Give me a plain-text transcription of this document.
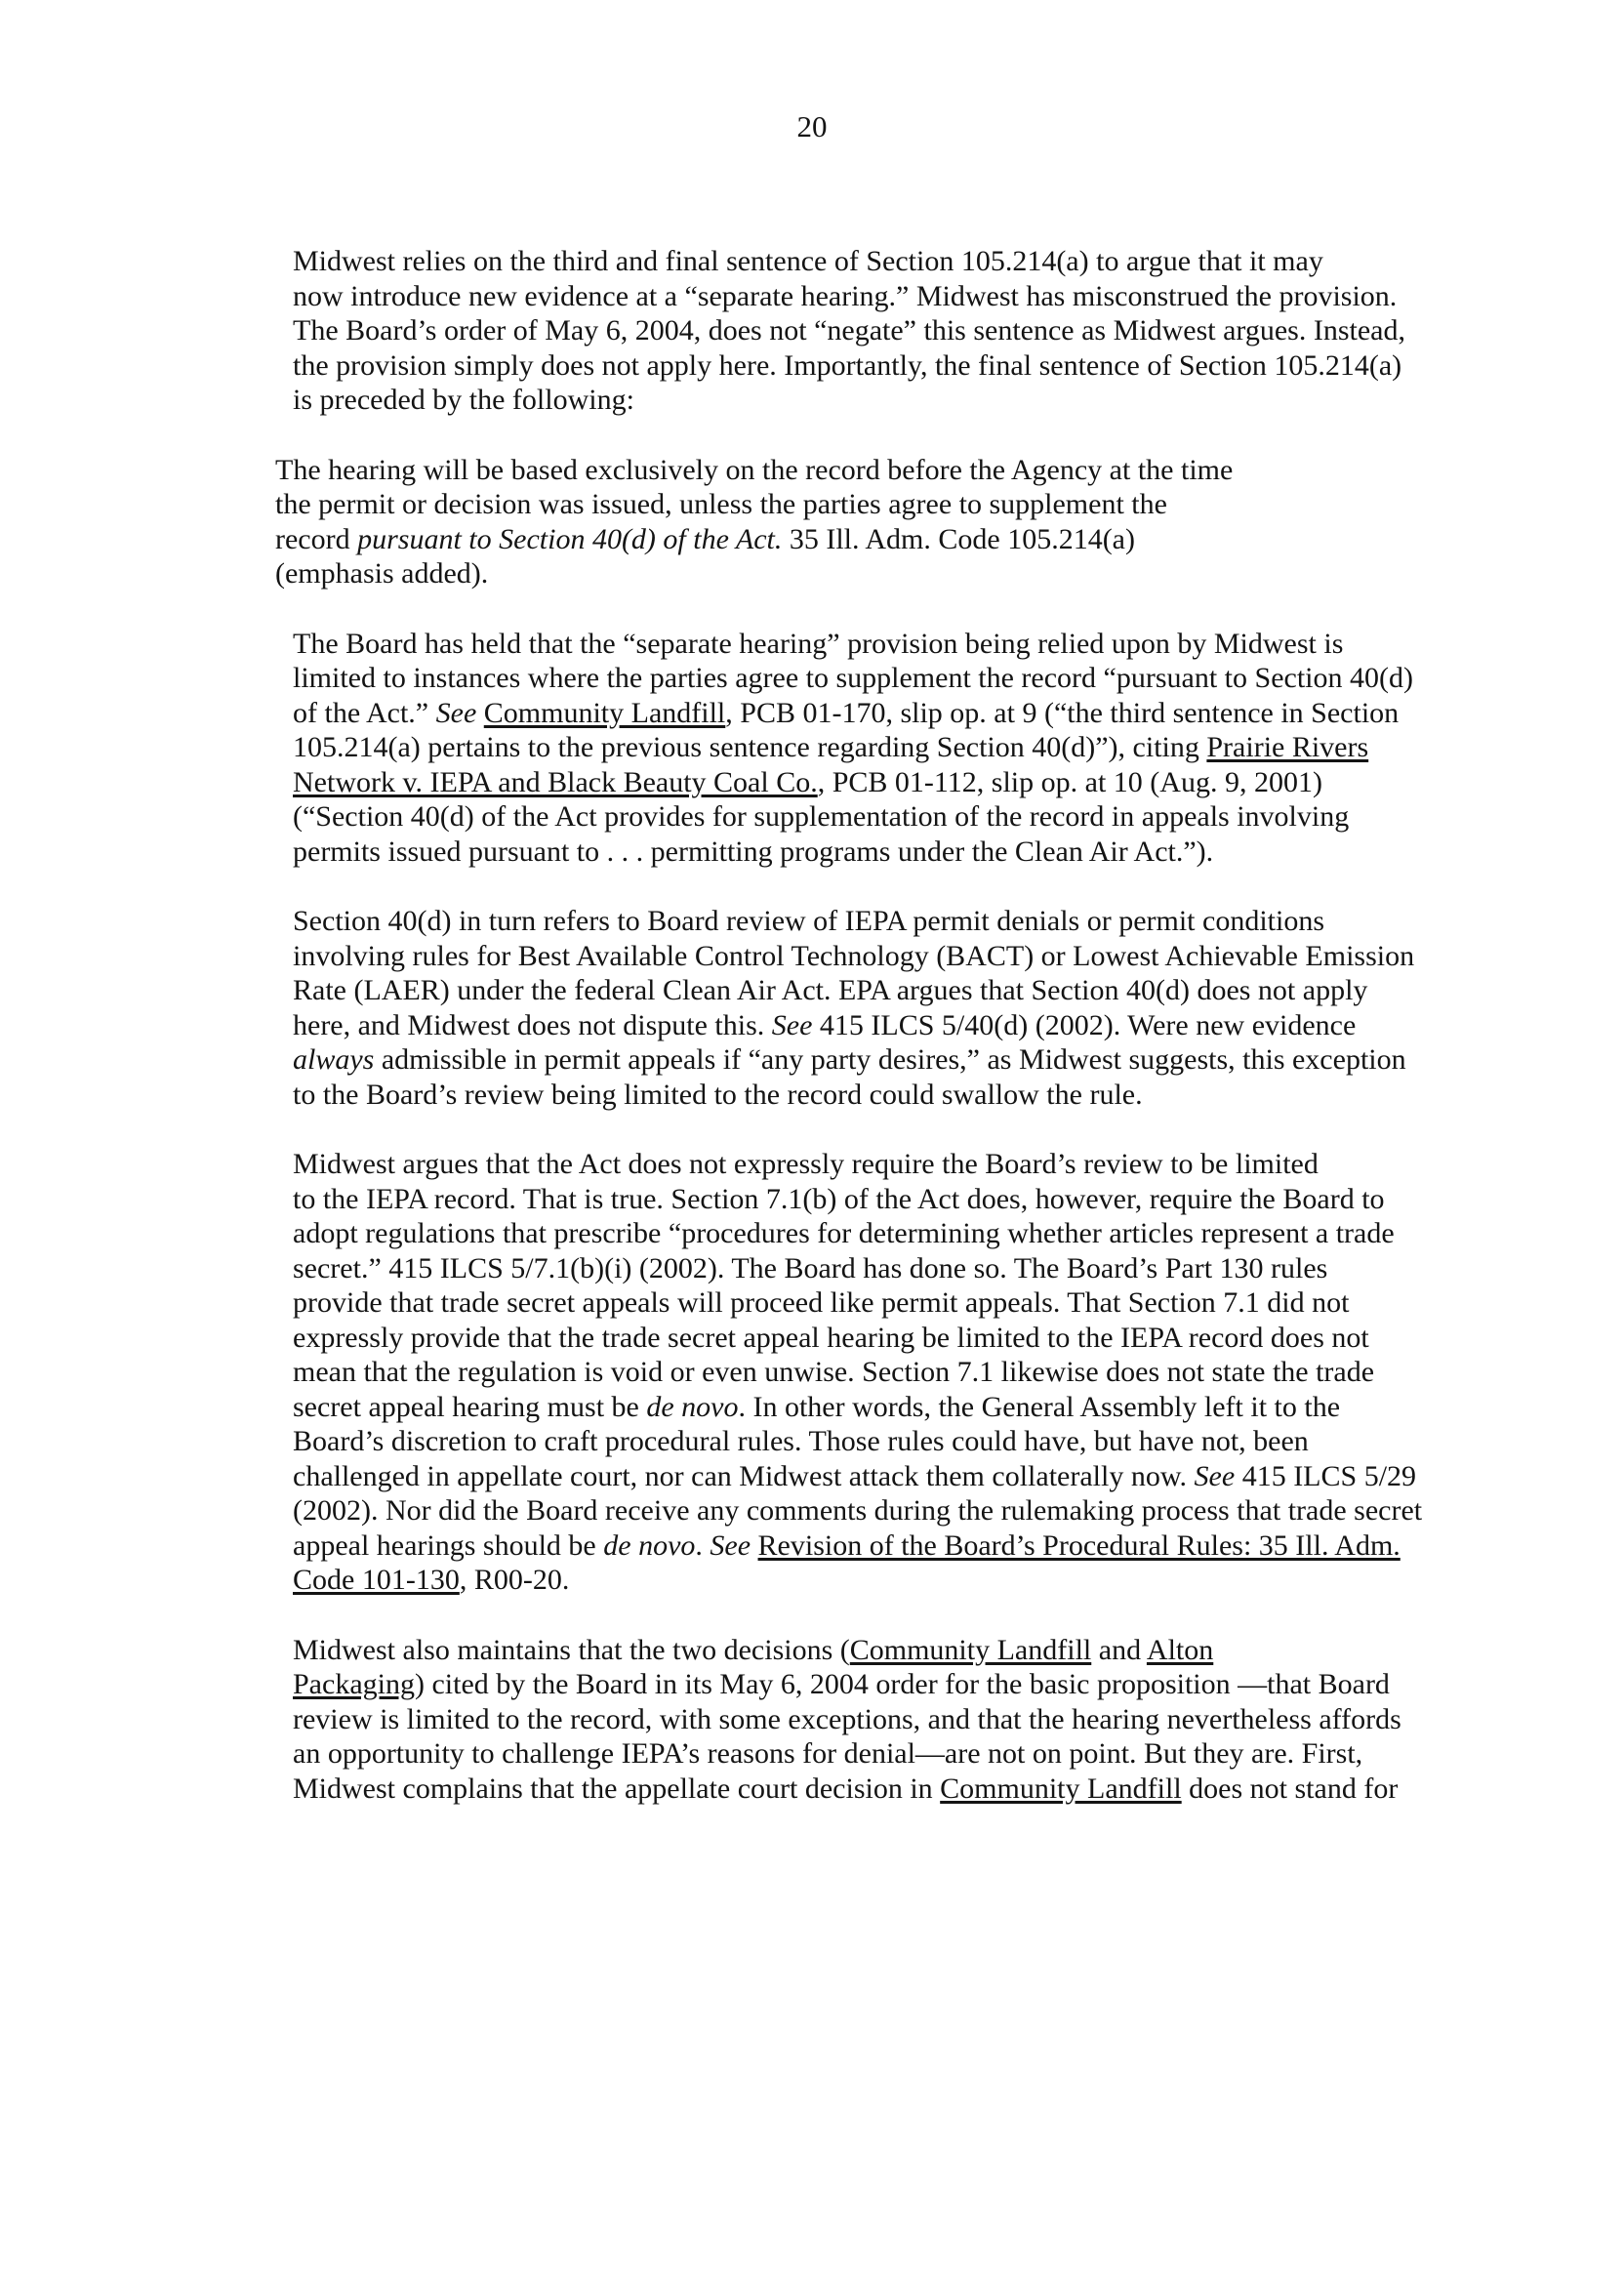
20

Midwest relies on the third and final sentence of Section 105.214(a) to argue that it may
now introduce new evidence at a “separate hearing.” Midwest has misconstrued the provision.
The Board’s order of May 6, 2004, does not “negate” this sentence as Midwest argues. Instead,
the provision simply does not apply here. Importantly, the final sentence of Section 105.214(a)
is preceded by the following:

The hearing will be based exclusively on the record before the Agency at the time
the permit or decision was issued, unless the parties agree to supplement the
record pursuant to Section 40(d) of the Act. 35 Ill. Adm. Code 105.214(a)
(emphasis added).

The Board has held that the “separate hearing” provision being relied upon by Midwest is
limited to instances where the parties agree to supplement the record “pursuant to Section 40(d)
of the Act.” See Community Landfill, PCB 01-170, slip op. at 9 (“the third sentence in Section
105.214(a) pertains to the previous sentence regarding Section 40(d)”), citing Prairie Rivers
Network v. IEPA and Black Beauty Coal Co., PCB 01-112, slip op. at 10 (Aug. 9, 2001)
(“Section 40(d) of the Act provides for supplementation of the record in appeals involving
permits issued pursuant to . . . permitting programs under the Clean Air Act.”).

Section 40(d) in turn refers to Board review of IEPA permit denials or permit conditions
involving rules for Best Available Control Technology (BACT) or Lowest Achievable Emission
Rate (LAER) under the federal Clean Air Act. EPA argues that Section 40(d) does not apply
here, and Midwest does not dispute this. See 415 ILCS 5/40(d) (2002). Were new evidence
always admissible in permit appeals if “any party desires,” as Midwest suggests, this exception
to the Board’s review being limited to the record could swallow the rule.

Midwest argues that the Act does not expressly require the Board’s review to be limited
to the IEPA record. That is true. Section 7.1(b) of the Act does, however, require the Board to
adopt regulations that prescribe “procedures for determining whether articles represent a trade
secret.” 415 ILCS 5/7.1(b)(i) (2002). The Board has done so. The Board’s Part 130 rules
provide that trade secret appeals will proceed like permit appeals. That Section 7.1 did not
expressly provide that the trade secret appeal hearing be limited to the IEPA record does not
mean that the regulation is void or even unwise. Section 7.1 likewise does not state the trade
secret appeal hearing must be de novo. In other words, the General Assembly left it to the
Board’s discretion to craft procedural rules. Those rules could have, but have not, been
challenged in appellate court, nor can Midwest attack them collaterally now. See 415 ILCS 5/29
(2002). Nor did the Board receive any comments during the rulemaking process that trade secret
appeal hearings should be de novo. See Revision of the Board’s Procedural Rules: 35 Ill. Adm.
Code 101-130, R00-20.

Midwest also maintains that the two decisions (Community Landfill and Alton
Packaging) cited by the Board in its May 6, 2004 order for the basic proposition —that Board
review is limited to the record, with some exceptions, and that the hearing nevertheless affords
an opportunity to challenge IEPA’s reasons for denial—are not on point. But they are. First,
Midwest complains that the appellate court decision in Community Landfill does not stand for
